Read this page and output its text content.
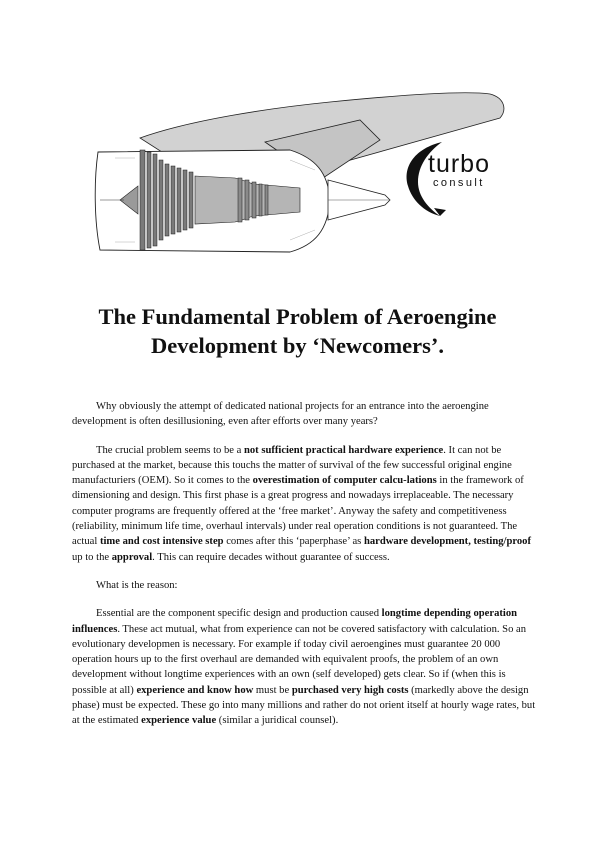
turbo
consult
The Fundamental Problem of Aeroengine
Development by ‘Newcomers’.

Why obviously the attempt of dedicated national projects for an entrance into the aeroengine development is often desillusioning, even after efforts over many years?

The crucial problem seems to be a not sufficient practical hardware experience. It can not be purchased at the market, because this touchs the matter of survival of the few successful original engine manufacturiers (OEM). So it comes to the overestimation of computer calcu-lations in the framework of dimensioning and design. This first phase is a great progress and nowadays irreplaceable. The necessary computer programs are frequently offered at the ‘free market’. Anyway the safety and competitiveness (reliability, minimum life time, overhaul intervals) under real operation conditions is not guaranteed. The actual time and cost intensive step comes after this ‘paperphase’ as hardware development, testing/proof up to the approval. This can require decades without guarantee of success.

What is the reason:

Essential are the component specific design and production caused longtime depending operation influences. These act mutual, what from experience can not be covered satisfactory with calculation. So an evolutionary developmen is necessary. For example if today civil aeroengines must guarantee 20 000 operation hours up to the first overhaul are demanded with equivalent proofs, the problem of an own development without longtime experiences with an own (self developed) gets clear. So if (when this is possible at all) experience and know how must be purchased very high costs (markedly above the design phase) must be expected. These go into many millions and rather do not orient itself at hourly wage rates, but at the estimated experience value (similar a juridical counsel).
